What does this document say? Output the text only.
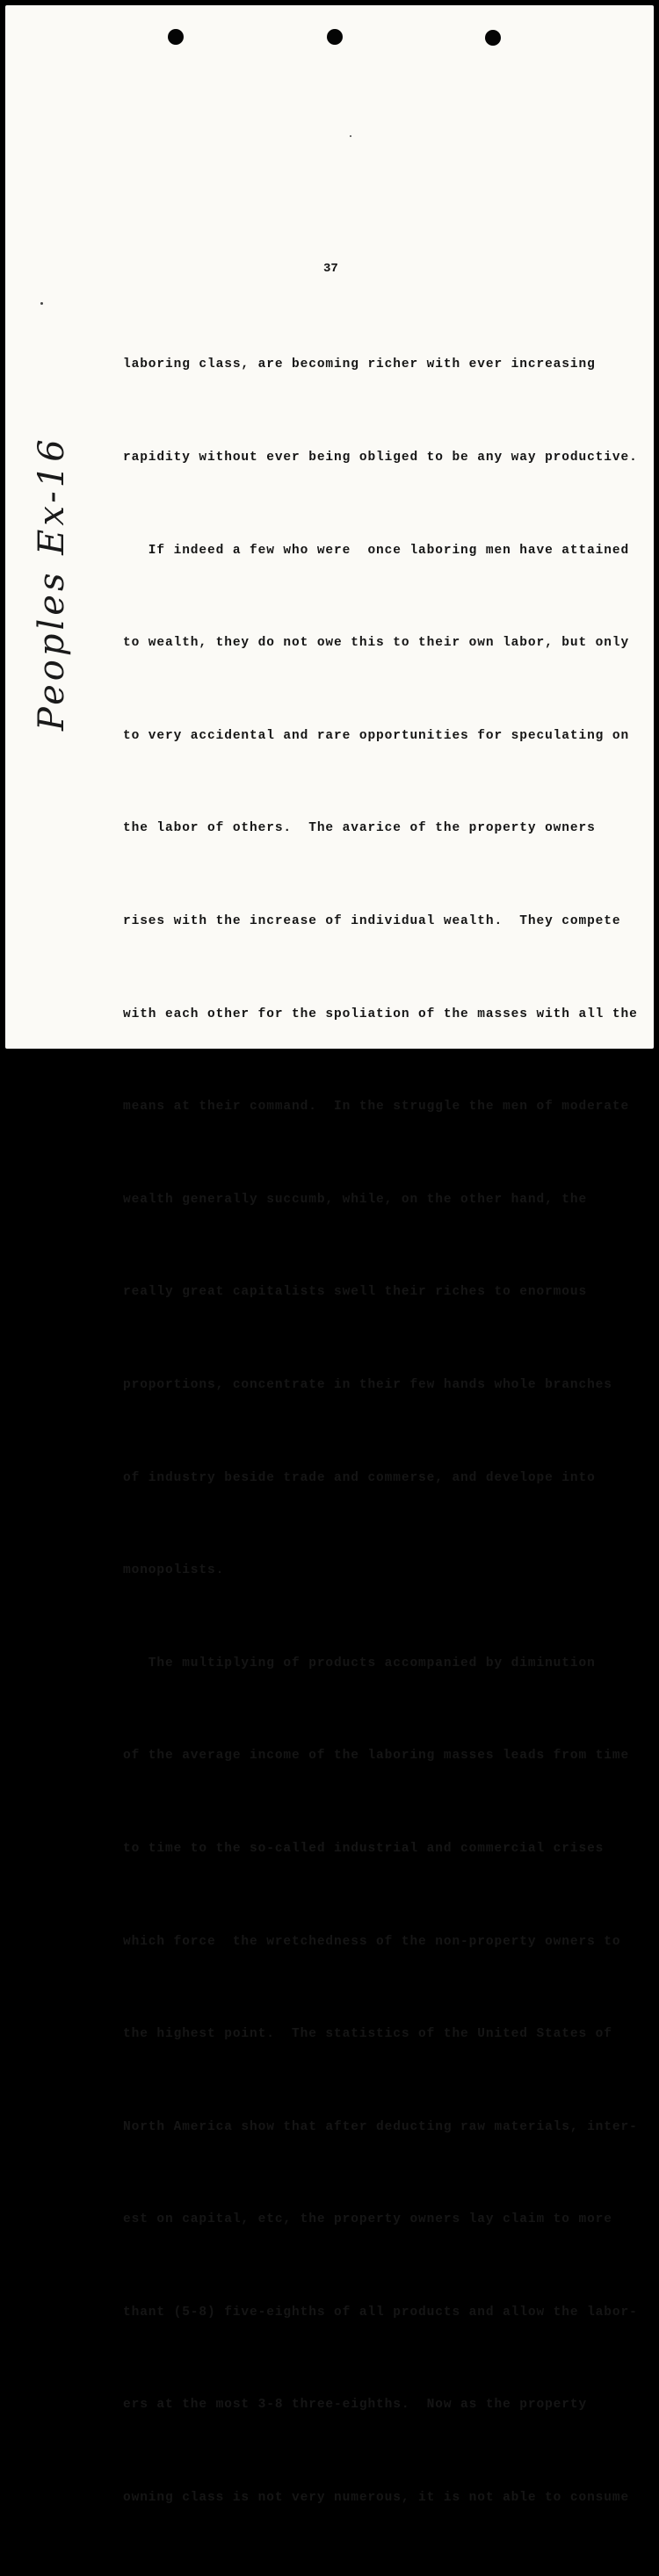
37
Peoples Ex-16

laboring class, are becoming richer with ever increasing

rapidity without ever being obliged to be any way productive.

If indeed a few who were  once laboring men have attained

to wealth, they do not owe this to their own labor, but only

to very accidental and rare opportunities for speculating on

the labor of others.  The avarice of the property owners

rises with the increase of individual wealth.  They compete

with each other for the spoliation of the masses with all the

means at their command.  In the struggle the men of moderate

wealth generally succumb, while, on the other hand, the

really great capitalists swell their riches to enormous

proportions, concentrate in their few hands whole branches

of industry beside trade and commerse, and develope into

monopolists.

The multiplying of products accompanied by diminution

of the average income of the laboring masses leads from time

to time to the so-called industrial and commercial crises

which force  the wretchedness of the non-property owners to

the highest point.  The statistics of the United States of

North America show that after deducting raw materials, inter-

est on capital, etc, the property owners lay claim to more

thant (5-8) five-eighths of all products and allow the labor-

ers at the most 3-8 three-eighths.  Now as the property

owning class is not very numerous, it is not able to consume
